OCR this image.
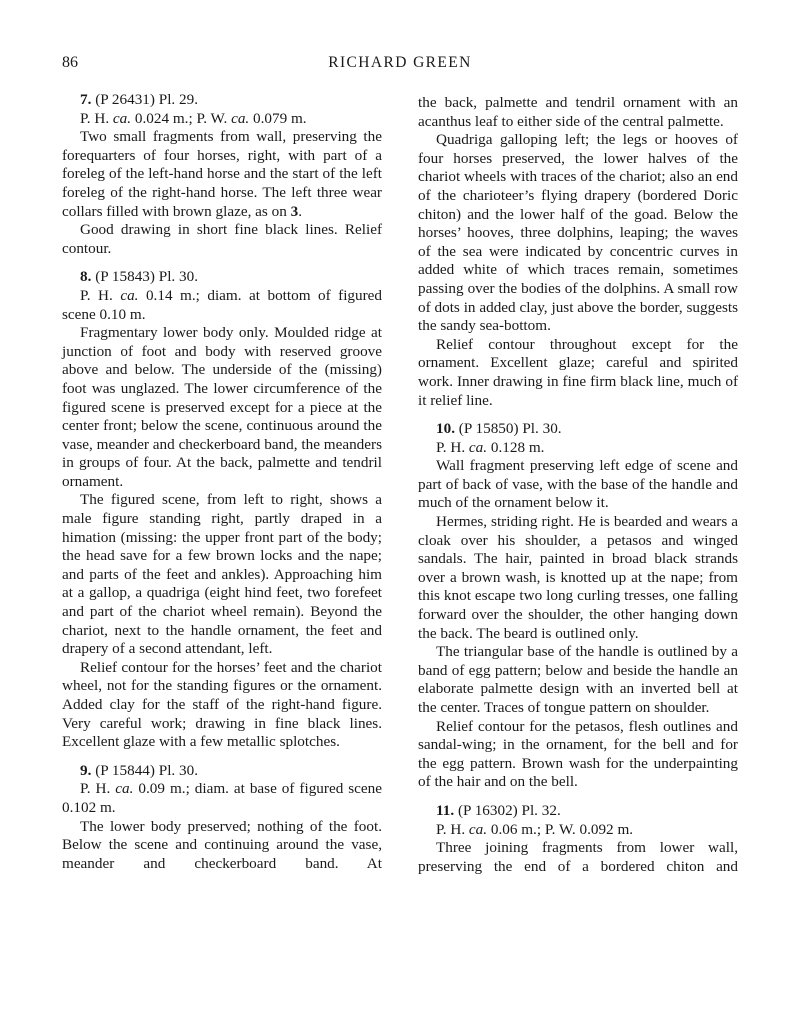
86	RICHARD GREEN

7. (P 26431) Pl. 29.

P. H. ca. 0.024 m.; P. W. ca. 0.079 m.

Two small fragments from wall, preserving the forequarters of four horses, right, with part of a foreleg of the left-hand horse and the start of the left foreleg of the right-hand horse. The left three wear collars filled with brown glaze, as on 3.

Good drawing in short fine black lines. Relief contour.

8. (P 15843) Pl. 30.

P. H. ca. 0.14 m.; diam. at bottom of figured scene 0.10 m.

Fragmentary lower body only. Moulded ridge at junction of foot and body with reserved groove above and below. The underside of the (missing) foot was unglazed. The lower circumference of the figured scene is preserved except for a piece at the center front; below the scene, continuous around the vase, meander and checkerboard band, the meanders in groups of four. At the back, palmette and tendril ornament.

The figured scene, from left to right, shows a male figure standing right, partly draped in a himation (missing: the upper front part of the body; the head save for a few brown locks and the nape; and parts of the feet and ankles). Approaching him at a gallop, a quadriga (eight hind feet, two forefeet and part of the chariot wheel remain). Beyond the chariot, next to the handle ornament, the feet and drapery of a second attendant, left.

Relief contour for the horses’ feet and the chariot wheel, not for the standing figures or the ornament. Added clay for the staff of the right-hand figure. Very careful work; drawing in fine black lines. Excellent glaze with a few metallic splotches.

9. (P 15844) Pl. 30.

P. H. ca. 0.09 m.; diam. at base of figured scene 0.102 m.

The lower body preserved; nothing of the foot. Below the scene and continuing around the vase, meander and checkerboard band. At

the back, palmette and tendril ornament with an acanthus leaf to either side of the central palmette.

Quadriga galloping left; the legs or hooves of four horses preserved, the lower halves of the chariot wheels with traces of the chariot; also an end of the charioteer’s flying drapery (bordered Doric chiton) and the lower half of the goad. Below the horses’ hooves, three dolphins, leaping; the waves of the sea were indicated by concentric curves in added white of which traces remain, sometimes passing over the bodies of the dolphins. A small row of dots in added clay, just above the border, suggests the sandy sea-bottom.

Relief contour throughout except for the ornament. Excellent glaze; careful and spirited work. Inner drawing in fine firm black line, much of it relief line.

10. (P 15850) Pl. 30.

P. H. ca. 0.128 m.

Wall fragment preserving left edge of scene and part of back of vase, with the base of the handle and much of the ornament below it.

Hermes, striding right. He is bearded and wears a cloak over his shoulder, a petasos and winged sandals. The hair, painted in broad black strands over a brown wash, is knotted up at the nape; from this knot escape two long curling tresses, one falling forward over the shoulder, the other hanging down the back. The beard is outlined only.

The triangular base of the handle is outlined by a band of egg pattern; below and beside the handle an elaborate palmette design with an inverted bell at the center. Traces of tongue pattern on shoulder.

Relief contour for the petasos, flesh outlines and sandal-wing; in the ornament, for the bell and for the egg pattern. Brown wash for the underpainting of the hair and on the bell.

11. (P 16302) Pl. 32.

P. H. ca. 0.06 m.; P. W. 0.092 m.

Three joining fragments from lower wall, preserving the end of a bordered chiton and
